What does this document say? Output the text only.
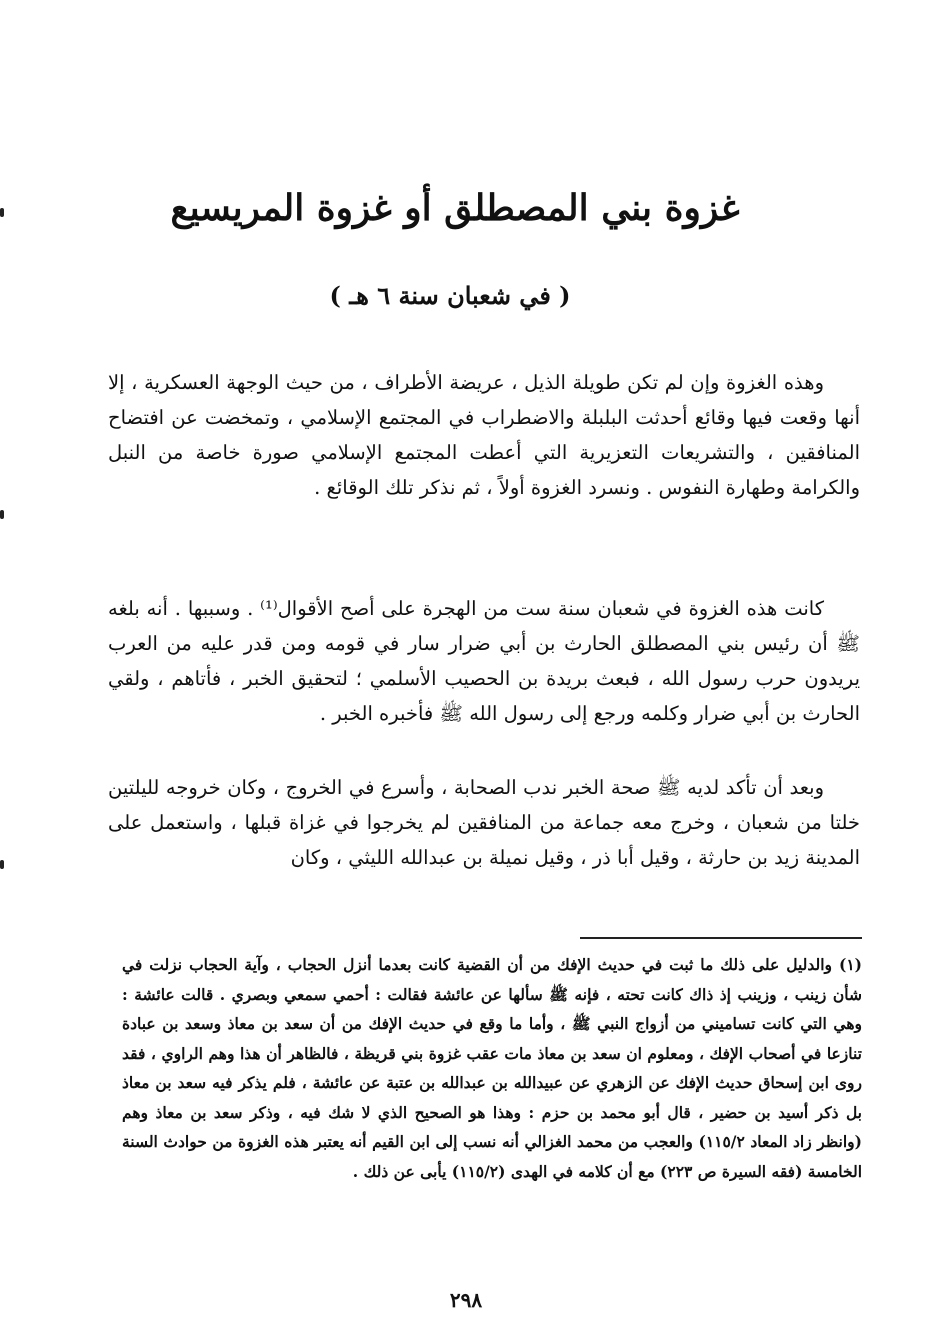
غزوة بني المصطلق أو غزوة المريسيع
( في شعبان سنة ٦ هـ )

وهذه الغزوة وإن لم تكن طويلة الذيل ، عريضة الأطراف ، من حيث الوجهة العسكرية ، إلا أنها وقعت فيها وقائع أحدثت البلبلة والاضطراب في المجتمع الإسلامي ، وتمخضت عن افتضاح المنافقين ، والتشريعات التعزيرية التي أعطت المجتمع الإسلامي صورة خاصة من النبل والكرامة وطهارة النفوس . ونسرد الغزوة أولاً ، ثم نذكر تلك الوقائع .

كانت هذه الغزوة في شعبان سنة ست من الهجرة على أصح الأقوال⁽¹⁾ . وسببها . أنه بلغه ﷺ أن رئيس بني المصطلق الحارث بن أبي ضرار سار في قومه ومن قدر عليه من العرب يريدون حرب رسول الله ، فبعث بريدة بن الحصيب الأسلمي ؛ لتحقيق الخبر ، فأتاهم ، ولقي الحارث بن أبي ضرار وكلمه ورجع إلى رسول الله ﷺ فأخبره الخبر .

وبعد أن تأكد لديه ﷺ صحة الخبر ندب الصحابة ، وأسرع في الخروج ، وكان خروجه لليلتين خلتا من شعبان ، وخرج معه جماعة من المنافقين لم يخرجوا في غزاة قبلها ، واستعمل على المدينة زيد بن حارثة ، وقيل أبا ذر ، وقيل نميلة بن عبدالله الليثي ، وكان

(١) والدليل على ذلك ما ثبت في حديث الإفك من أن القضية كانت بعدما أنزل الحجاب ، وآية الحجاب نزلت في شأن زينب ، وزينب إذ ذاك كانت تحته ، فإنه ﷺ سألها عن عائشة فقالت : أحمي سمعي وبصري . قالت عائشة : وهي التي كانت تساميني من أزواج النبي ﷺ ، وأما ما وقع في حديث الإفك من أن سعد بن معاذ وسعد بن عبادة تنازعا في أصحاب الإفك ، ومعلوم ان سعد بن معاذ مات عقب غزوة بني قريظة ، فالظاهر أن هذا وهم الراوي ، فقد روى ابن إسحاق حديث الإفك عن الزهري عن عبيدالله بن عبدالله بن عتبة عن عائشة ، فلم يذكر فيه سعد بن معاذ بل ذكر أسيد بن حضير ، قال أبو محمد بن حزم : وهذا هو الصحيح الذي لا شك فيه ، وذكر سعد بن معاذ وهم (وانظر زاد المعاد ١١٥/٢) والعجب من محمد الغزالي أنه نسب إلى ابن القيم أنه يعتبر هذه الغزوة من حوادث السنة الخامسة (فقه السيرة ص ٢٢٣) مع أن كلامه في الهدى (١١٥/٢) يأبى عن ذلك .
٢٩٨
